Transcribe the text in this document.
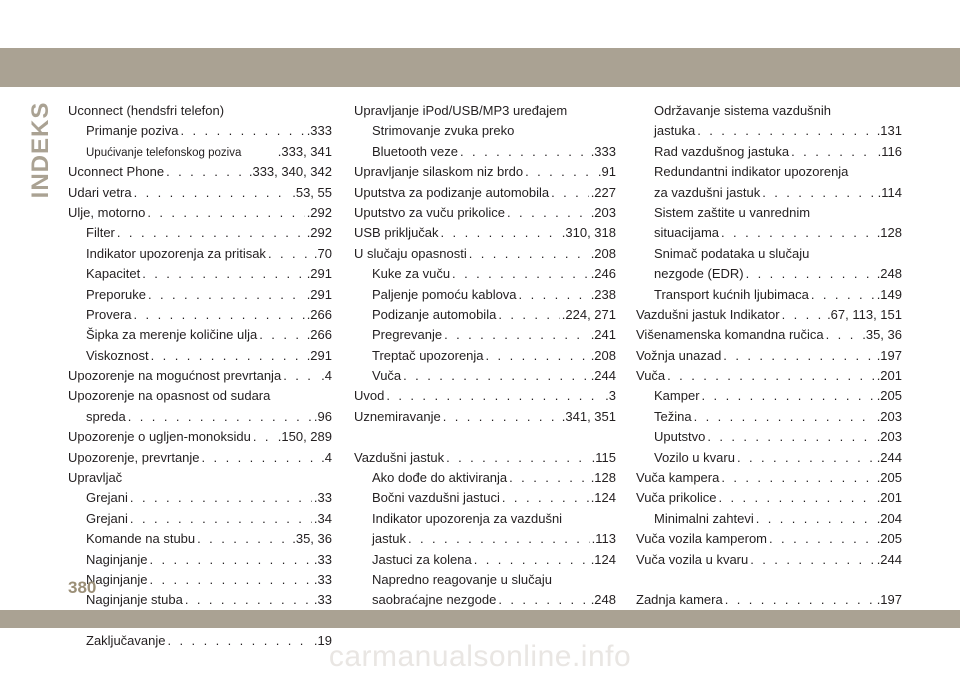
INDEKS Uconnect (hendsfri telefon)
Primanje poziva . . .	.333
Upućivanje telefonskog poziva	.333, 341
Uconnect Phone . . .	.333, 340, 342
Udari vetra . . .	.53, 55
Ulje, motorno . . .	.292
Filter . . .	.292
Indikator upozorenja za pritisak . . .	.70
Kapacitet . . .	.291
Preporuke . . .	.291
Provera . . .	.266
Šipka za merenje količine ulja . . .	.266
Viskoznost . . .	.291
Upozorenje na mogućnost prevrtanja . . .	.4
Upozorenje na opasnost od sudara
spreda . . .	.96
Upozorenje o ugljen-monoksidu . . . .150, 289
Upozorenje, prevrtanje . . .	.4
Upravljač
Grejani . . .	.33
Grejani . . .	.34
Komande na stubu . . .	.35, 36
Naginjanje . . .	.33
Naginjanje . . .	.33
Naginjanje stuba . . .	.33
. . .
Zaključavanje . . .	.19
Upravljanje iPod/USB/MP3 uređajem
Strimovanje zvuka preko
Bluetooth veze . . .	.333
Upravljanje silaskom niz brdo . . .	.91
Uputstva za podizanje automobila . . .	.227
Uputstvo za vuču prikolice . . .	.203
USB priključak . . .	.310, 318
U slučaju opasnosti . . .	.208
Kuke za vuču . . .	.246
Paljenje pomoću kablova . . .	.238
Podizanje automobila . . .	.224, 271
Pregrevanje . . .	.241
Treptač upozorenja . . .	.208
Vuča . . .	.244
Uvod . . .	.3
Uznemiravanje . . .	.341, 351
Vazdušni jastuk . . .	.115
Ako dođe do aktiviranja . . .	.128
Bočni vazdušni jastuci . . .	.124
Indikator upozorenja za vazdušni
jastuk . . .	.113
Jastuci za kolena . . .	.124
Napredno reagovanje u slučaju
saobraćajne nezgode . . .	.248
. . .
Održavanje sistema vazdušnih
jastuka . . .	.131
Rad vazdušnog jastuka . . .	.116
Redundantni indikator upozorenja
za vazdušni jastuk . . .	.114
Sistem zaštite u vanrednim
situacijama . . .	.128
Snimač podataka u slučaju
nezgode (EDR) . . .	.248
Transport kućnih ljubimaca . . .	.149
Vazdušni jastuk Indikator . . .	.67, 113, 151
Višenamenska komandna ručica . . .	.35, 36
Vožnja unazad . . .	.197
Vuča . . .	.201
Kamper . . .	.205
Težina . . .	.203
Uputstvo . . .	.203
Vozilo u kvaru . . .	.244
Vuča kampera . . .	.205
Vuča prikolice . . .	.201
Minimalni zahtevi . . .	.204
Vuča vozila kamperom . . .	.205
Vuča vozila u kvaru . . .	.244
Zadnja kamera . . .	.197
. . .
380
carmanualsonline.info
